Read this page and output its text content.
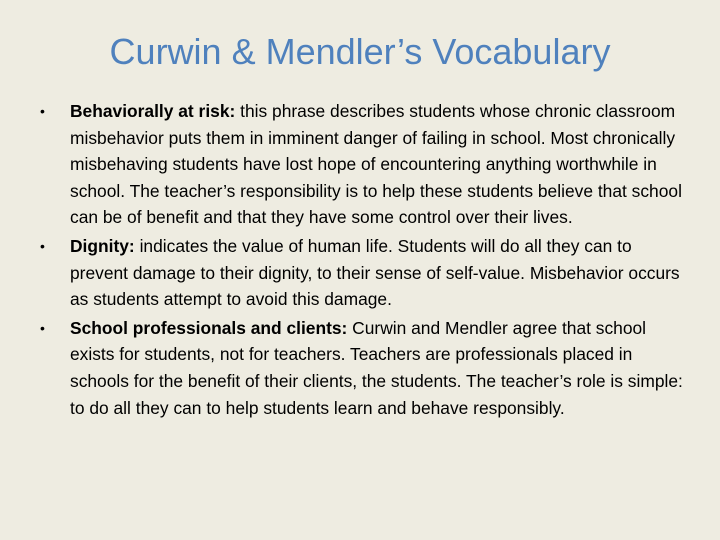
Curwin & Mendler’s Vocabulary
• Behaviorally at risk: this phrase describes students whose chronic classroom misbehavior puts them in imminent danger of failing in school. Most chronically misbehaving students have lost hope of encountering anything worthwhile in school. The teacher’s responsibility is to help these students believe that school can be of benefit and that they have some control over their lives.
• Dignity: indicates the value of human life. Students will do all they can to prevent damage to their dignity, to their sense of self-value. Misbehavior occurs as students attempt to avoid this damage.
• School professionals and clients: Curwin and Mendler agree that school exists for students, not for teachers. Teachers are professionals placed in schools for the benefit of their clients, the students. The teacher’s role is simple: to do all they can to help students learn and behave responsibly.
